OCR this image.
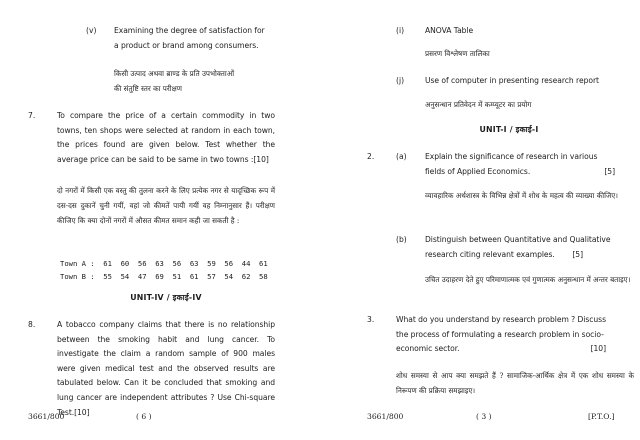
(v) Examining the degree of satisfaction for
a product or brand among consumers.
किसी उत्पाद अथवा ब्राण्ड के प्रति उपभोक्ताओं
की संतुष्टि स्तर का परीक्षण
7.	To compare the price of a certain commodity in two towns, ten shops were selected at random in each town, the prices found are given below. Test whether the average price can be said to be same in two towns :[10]
दो नगरों में किसी एक वस्तु की तुलना करने के लिए प्रत्येक नगर से यादृच्छिक रूप में दस-दस दुकानें चुनी गयीं, वहां जो कीमतें पायी गयीं वह निम्नानुसार हैं। परीक्षण कीजिए कि क्या दोनों नगरों में औसत कीमत समान कही जा सकती है :
Town A :  61  60  56  63  56  63  59  56  44  61
Town B :  55  54  47  69  51  61  57  54  62  58
UNIT-IV / इकाई-IV
8.	A tobacco company claims that there is no relationship between the smoking habit and lung cancer. To investigate the claim a random sample of 900 males were given medical test and the observed results are tabulated below. Can it be concluded that smoking and lung cancer are independent attributes ? Use Chi-square Test.[10]
3661/800	( 6 )
(i)	ANOVA Table
प्रसरण विश्लेषण तालिका
(j)	Use of computer in presenting research report
अनुसन्धान प्रतिवेदन में कम्प्यूटर का प्रयोग
UNIT-I / इकाई-I
2.	(a) Explain the significance of research in various
fields of Applied Economics.	[5]
व्यावहारिक अर्थशास्त्र के विभिन्न क्षेत्रों में शोध के महत्व की व्याख्या कीजिए।
(b) Distinguish between Quantitative and Qualitative
research citing relevant examples. [5]
उचित उदाहरण देते हुए परिमाणात्मक एवं गुणात्मक अनुसन्धान में अन्तर बताइए।
3.	What do you understand by research problem ? Discuss
the process of formulating a research problem in socio-
economic sector.	[10]
शोध समस्या से आप क्या समझते हैं ? सामाजिक-आर्थिक क्षेत्र में एक शोध समस्या के निरूपण की प्रक्रिया समझाइए।
3661/800	( 3 )	[P.T.O.]
